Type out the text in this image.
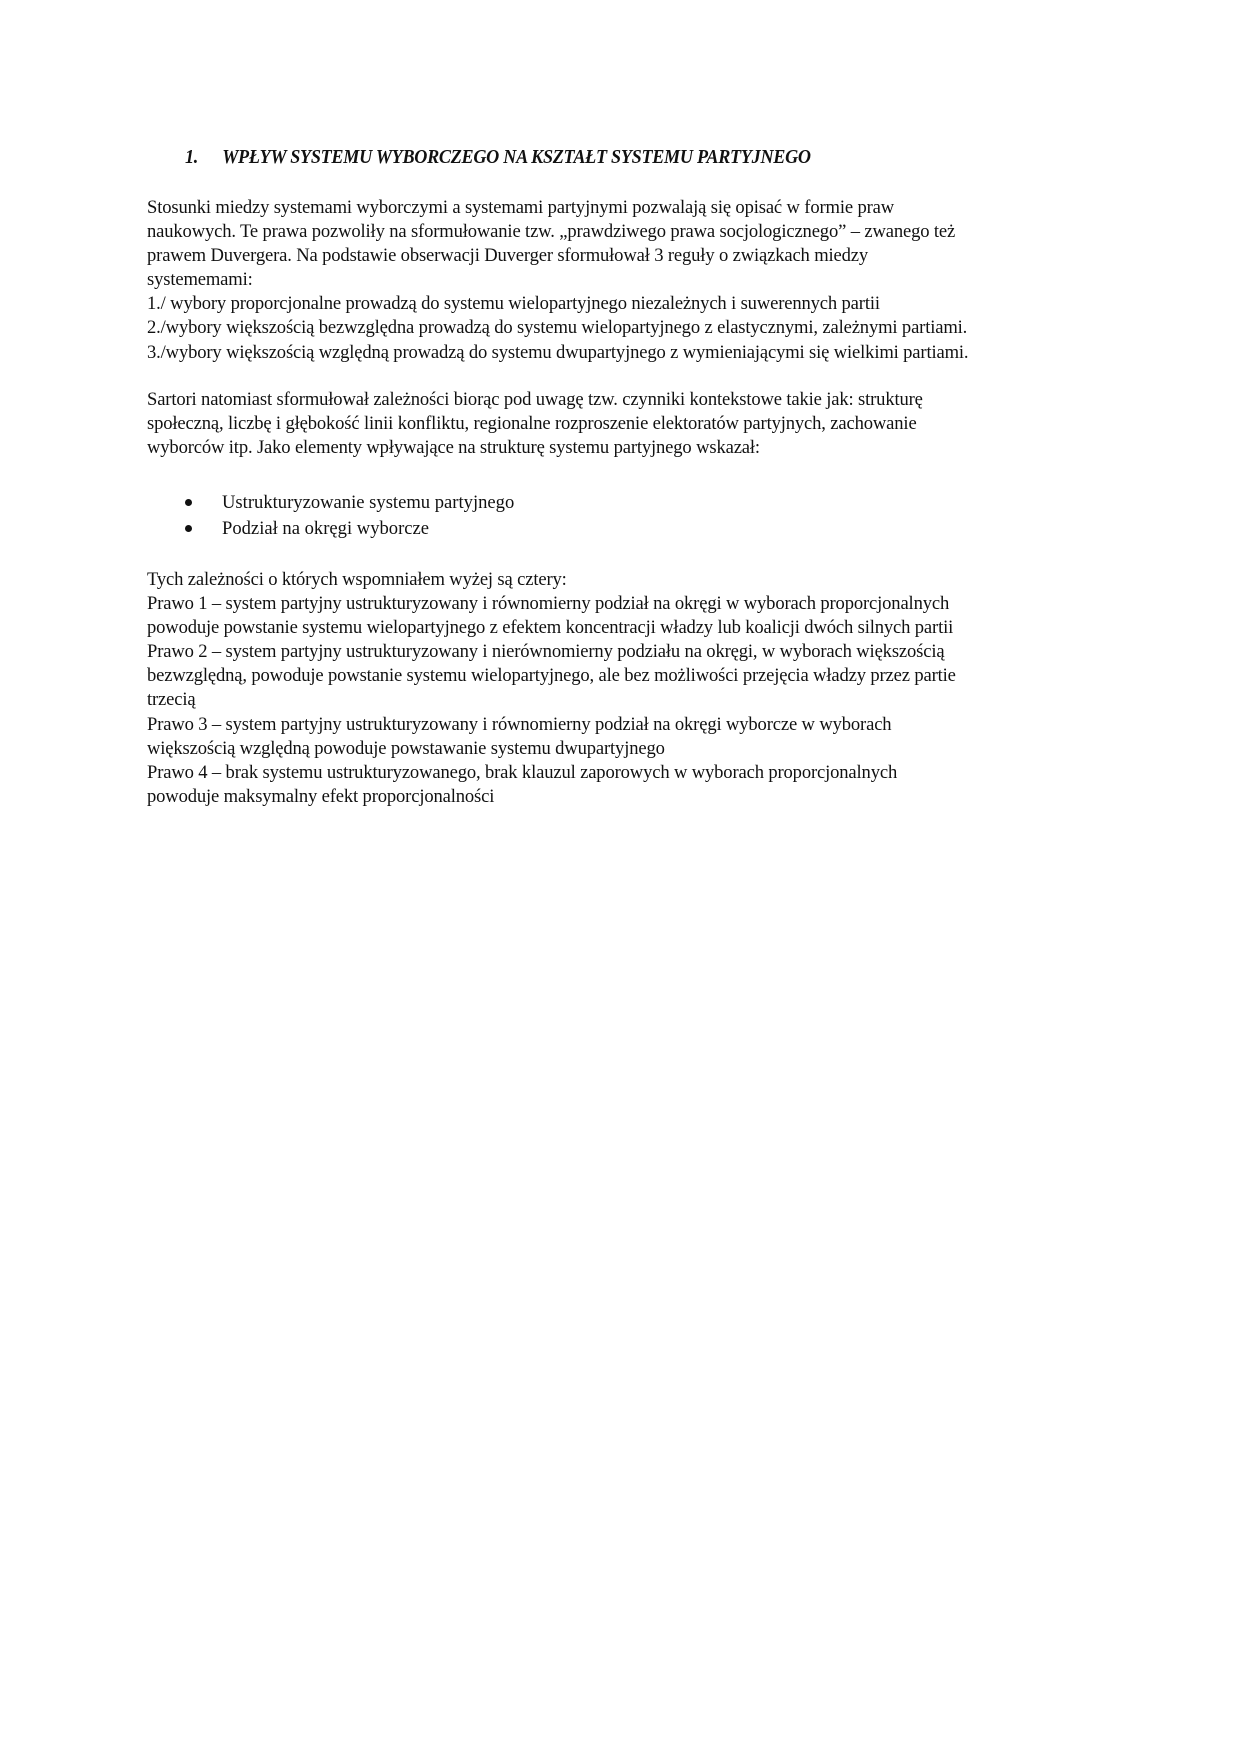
1. WPŁYW SYSTEMU WYBORCZEGO NA KSZTAŁT SYSTEMU PARTYJNEGO
Stosunki miedzy systemami wyborczymi a systemami partyjnymi pozwalają się opisać w formie praw
naukowych. Te prawa pozwoliły na sformułowanie tzw. „prawdziwego prawa socjologicznego” – zwanego też
prawem Duvergera. Na podstawie obserwacji Duverger sformułował 3 reguły o związkach miedzy
systememami:
1./ wybory proporcjonalne prowadzą do systemu wielopartyjnego niezależnych i suwerennych partii
2./wybory większością bezwzględna prowadzą do systemu wielopartyjnego z elastycznymi, zależnymi partiami.
3./wybory większością względną prowadzą do systemu dwupartyjnego z wymieniającymi się wielkimi partiami.
Sartori natomiast sformułował zależności biorąc pod uwagę tzw. czynniki kontekstowe takie jak: strukturę
społeczną, liczbę i głębokość linii konfliktu, regionalne rozproszenie elektoratów partyjnych, zachowanie
wyborców itp. Jako elementy wpływające na strukturę systemu partyjnego wskazał:
Ustrukturyzowanie systemu partyjnego
Podział na okręgi wyborcze
Tych zależności o których wspomniałem wyżej są cztery:
Prawo 1 – system partyjny ustrukturyzowany i równomierny podział na okręgi w wyborach proporcjonalnych
powoduje powstanie systemu wielopartyjnego z efektem koncentracji władzy lub koalicji dwóch silnych partii
Prawo 2 – system partyjny ustrukturyzowany i nierównomierny podziału na okręgi, w wyborach większością
bezwzględną, powoduje powstanie systemu wielopartyjnego, ale bez możliwości przejęcia władzy przez partie
trzecią
Prawo 3 – system partyjny ustrukturyzowany i równomierny podział na okręgi wyborcze w wyborach
większością względną powoduje powstawanie systemu dwupartyjnego
Prawo 4 – brak systemu ustrukturyzowanego, brak klauzul zaporowych w wyborach proporcjonalnych
powoduje maksymalny efekt proporcjonalności
